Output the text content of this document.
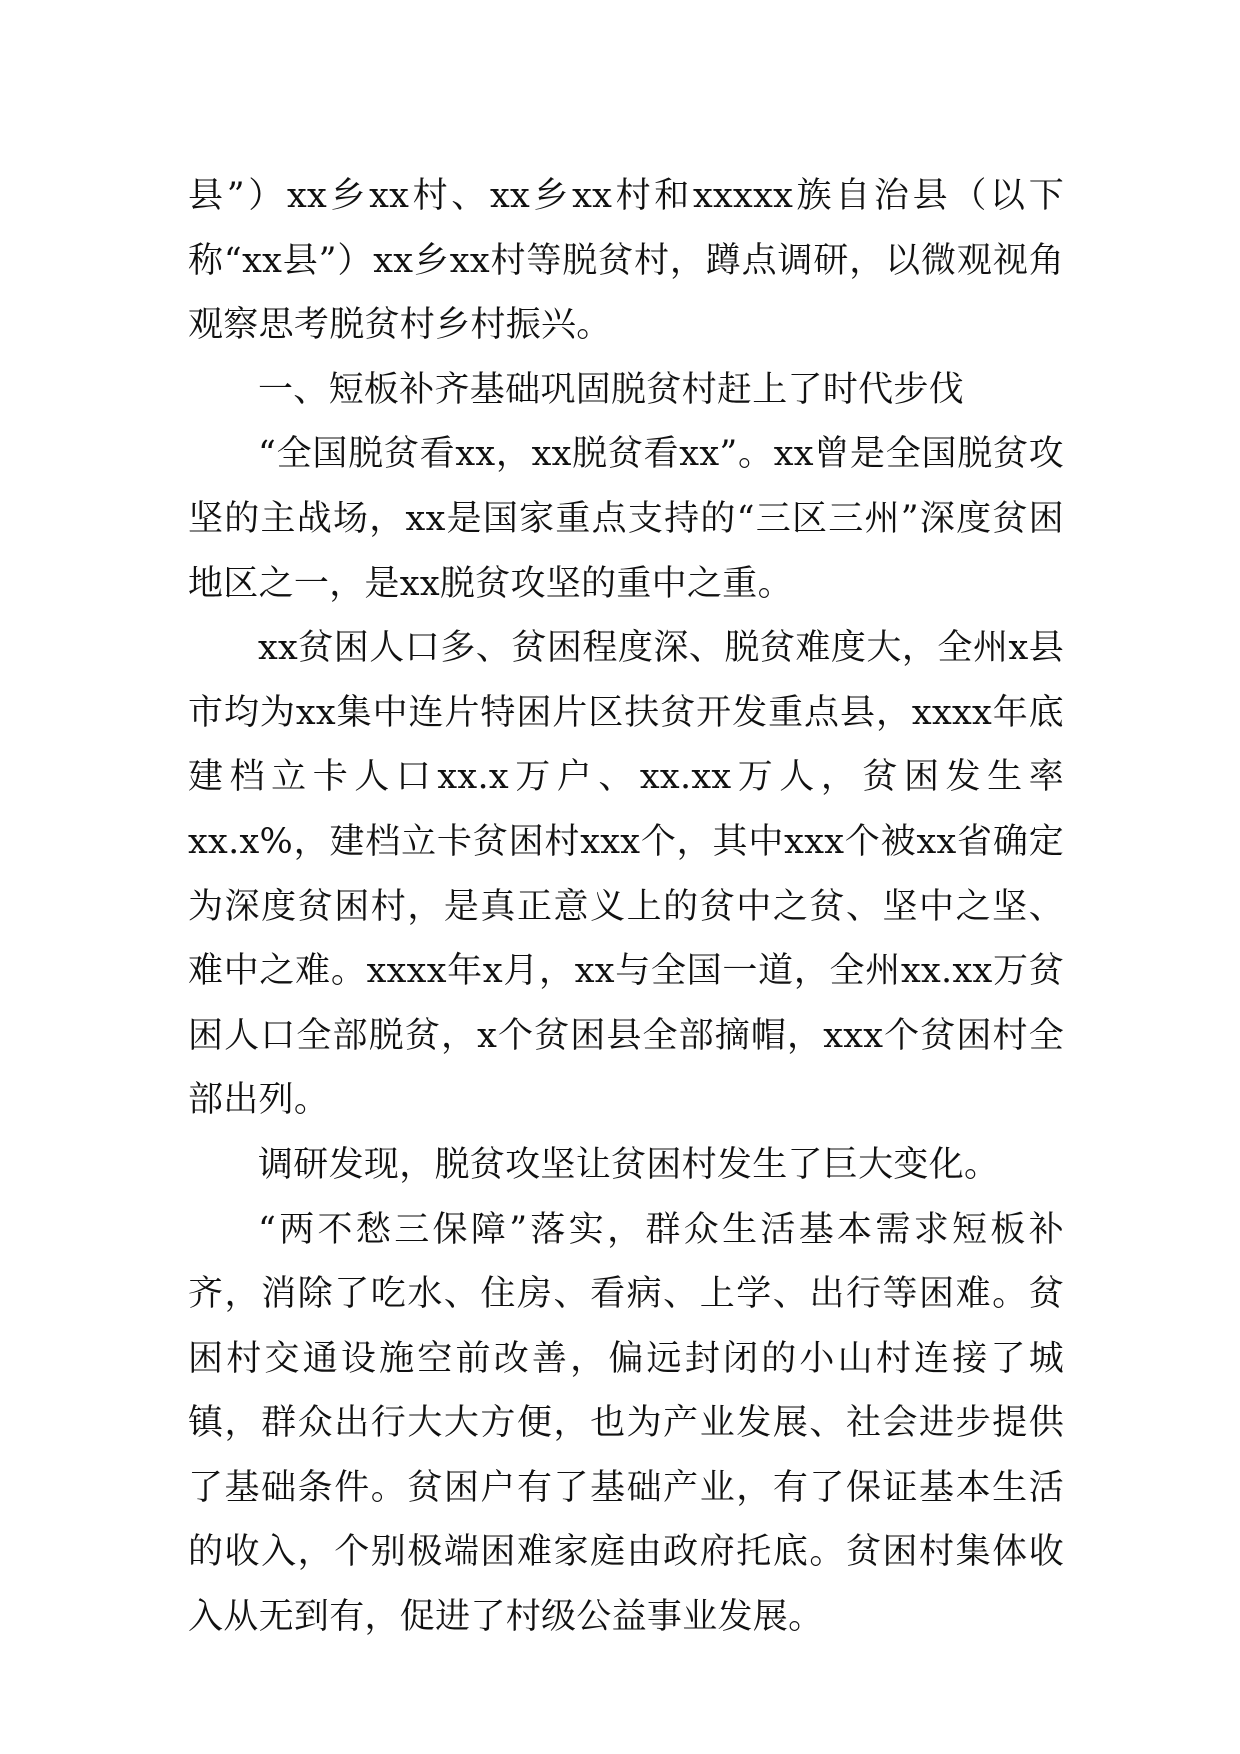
县”）xx乡xx村、xx乡xx村和xxxxx族自治县（以下称“xx县”）xx乡xx村等脱贫村，蹲点调研，以微观视角观察思考脱贫村乡村振兴。

一、短板补齐基础巩固脱贫村赶上了时代步伐

“全国脱贫看xx，xx脱贫看xx”。xx曾是全国脱贫攻坚的主战场，xx是国家重点支持的“三区三州”深度贫困地区之一，是xx脱贫攻坚的重中之重。

xx贫困人口多、贫困程度深、脱贫难度大，全州x县市均为xx集中连片特困片区扶贫开发重点县，xxxx年底建档立卡人口xx.x万户、xx.xx万人，贫困发生率xx.x%，建档立卡贫困村xxx个，其中xxx个被xx省确定为深度贫困村，是真正意义上的贫中之贫、坚中之坚、难中之难。xxxx年x月，xx与全国一道，全州xx.xx万贫困人口全部脱贫，x个贫困县全部摘帽，xxx个贫困村全部出列。

调研发现，脱贫攻坚让贫困村发生了巨大变化。

“两不愁三保障”落实，群众生活基本需求短板补齐，消除了吃水、住房、看病、上学、出行等困难。贫困村交通设施空前改善，偏远封闭的小山村连接了城镇，群众出行大大方便，也为产业发展、社会进步提供了基础条件。贫困户有了基础产业，有了保证基本生活的收入，个别极端困难家庭由政府托底。贫困村集体收入从无到有，促进了村级公益事业发展。
